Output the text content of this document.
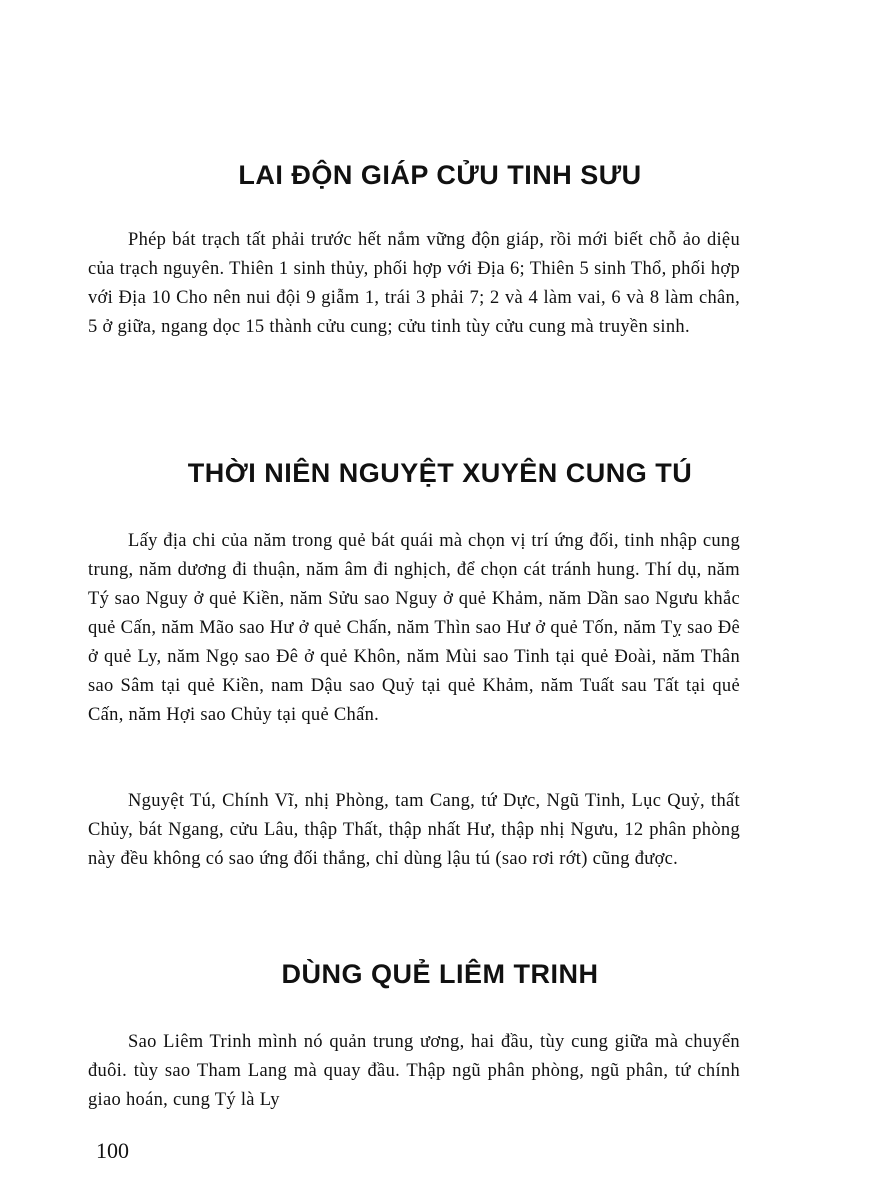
LAI ĐỘN GIÁP CỬU TINH SƯU

Phép bát trạch tất phải trước hết nắm vững độn giáp, rồi mới biết chỗ ảo diệu của trạch nguyên. Thiên 1 sinh thủy, phối hợp với Địa 6; Thiên 5 sinh Thổ, phối hợp với Địa 10 Cho nên nui đội 9 giẫm 1, trái 3 phải 7; 2 và 4 làm vai, 6 và 8 làm chân, 5 ở giữa, ngang dọc 15 thành cửu cung; cửu tinh tùy cửu cung mà truyền sinh.

THỜI NIÊN NGUYỆT XUYÊN CUNG TÚ

Lấy địa chi của năm trong quẻ bát quái mà chọn vị trí ứng đối, tinh nhập cung trung, năm dương đi thuận, năm âm đi nghịch, để chọn cát tránh hung. Thí dụ, năm Tý sao Nguy ở quẻ Kiền, năm Sửu sao Nguy ở quẻ Khảm, năm Dần sao Ngưu khắc quẻ Cấn, năm Mão sao Hư ở quẻ Chấn, năm Thìn sao Hư ở quẻ Tốn, năm Tỵ sao Đê ở quẻ Ly, năm Ngọ sao Đê ở quẻ Khôn, năm Mùi sao Tinh tại quẻ Đoài, năm Thân sao Sâm tại quẻ Kiền, nam Dậu sao Quỷ tại quẻ Khảm, năm Tuất sau Tất tại quẻ Cấn, năm Hợi sao Chủy tại quẻ Chấn.

Nguyệt Tú, Chính Vĩ, nhị Phòng, tam Cang, tứ Dực, Ngũ Tinh, Lục Quỷ, thất Chủy, bát Ngang, cửu Lâu, thập Thất, thập nhất Hư, thập nhị Ngưu, 12 phân phòng này đều không có sao ứng đối thắng, chỉ dùng lậu tú (sao rơi rớt) cũng được.

DÙNG QUẺ LIÊM TRINH

Sao Liêm Trinh mình nó quản trung ương, hai đầu, tùy cung giữa mà chuyển đuôi. tùy sao Tham Lang mà quay đầu. Thập ngũ phân phòng, ngũ phân, tứ chính giao hoán, cung Tý là Ly

100
